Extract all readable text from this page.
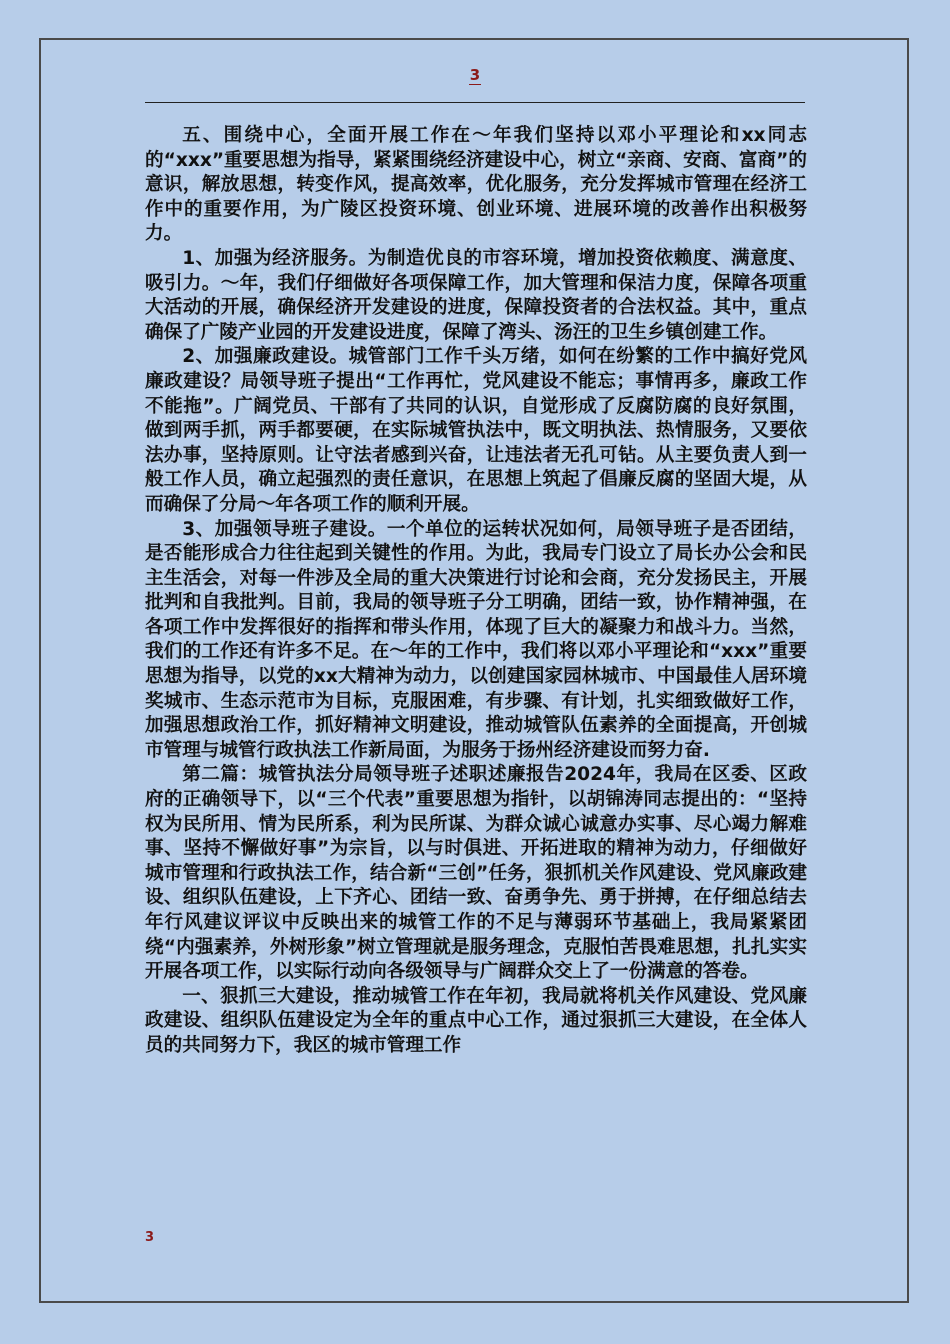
3

五、围绕中心，全面开展工作在～年我们坚持以邓小平理论和xx同志的“xxx”重要思想为指导，紧紧围绕经济建设中心，树立“亲商、安商、富商”的意识，解放思想，转变作风，提高效率，优化服务，充分发挥城市管理在经济工作中的重要作用，为广陵区投资环境、创业环境、进展环境的改善作出积极努力。

1、加强为经济服务。为制造优良的市容环境，增加投资依赖度、满意度、吸引力。～年，我们仔细做好各项保障工作，加大管理和保洁力度，保障各项重大活动的开展，确保经济开发建设的进度，保障投资者的合法权益。其中，重点确保了广陵产业园的开发建设进度，保障了湾头、汤汪的卫生乡镇创建工作。

2、加强廉政建设。城管部门工作千头万绪，如何在纷繁的工作中搞好党风廉政建设？局领导班子提出“工作再忙，党风建设不能忘；事情再多，廉政工作不能拖”。广阔党员、干部有了共同的认识，自觉形成了反腐防腐的良好氛围，做到两手抓，两手都要硬，在实际城管执法中，既文明执法、热情服务，又要依法办事，坚持原则。让守法者感到兴奋，让违法者无孔可钻。从主要负责人到一般工作人员，确立起强烈的责任意识，在思想上筑起了倡廉反腐的坚固大堤，从而确保了分局～年各项工作的顺利开展。

3、加强领导班子建设。一个单位的运转状况如何，局领导班子是否团结，是否能形成合力往往起到关键性的作用。为此，我局专门设立了局长办公会和民主生活会，对每一件涉及全局的重大决策进行讨论和会商，充分发扬民主，开展批判和自我批判。目前，我局的领导班子分工明确，团结一致，协作精神强，在各项工作中发挥很好的指挥和带头作用，体现了巨大的凝聚力和战斗力。当然，我们的工作还有许多不足。在～年的工作中，我们将以邓小平理论和“xxx”重要思想为指导，以党的xx大精神为动力，以创建国家园林城市、中国最佳人居环境奖城市、生态示范市为目标，克服困难，有步骤、有计划，扎实细致做好工作，加强思想政治工作，抓好精神文明建设，推动城管队伍素养的全面提高，开创城市管理与城管行政执法工作新局面，为服务于扬州经济建设而努力奋.

第二篇：城管执法分局领导班子述职述廉报告2024年，我局在区委、区政府的正确领导下，以“三个代表”重要思想为指针，以胡锦涛同志提出的：“坚持权为民所用、情为民所系，利为民所谋、为群众诚心诚意办实事、尽心竭力解难事、坚持不懈做好事”为宗旨，以与时俱进、开拓进取的精神为动力，仔细做好城市管理和行政执法工作，结合新“三创”任务，狠抓机关作风建设、党风廉政建设、组织队伍建设，上下齐心、团结一致、奋勇争先、勇于拼搏，在仔细总结去年行风建议评议中反映出来的城管工作的不足与薄弱环节基础上，我局紧紧团绕“内强素养，外树形象”树立管理就是服务理念，克服怕苦畏难思想，扎扎实实开展各项工作，以实际行动向各级领导与广阔群众交上了一份满意的答卷。

一、狠抓三大建设，推动城管工作在年初，我局就将机关作风建设、党风廉政建设、组织队伍建设定为全年的重点中心工作，通过狠抓三大建设，在全体人员的共同努力下，我区的城市管理工作

3
